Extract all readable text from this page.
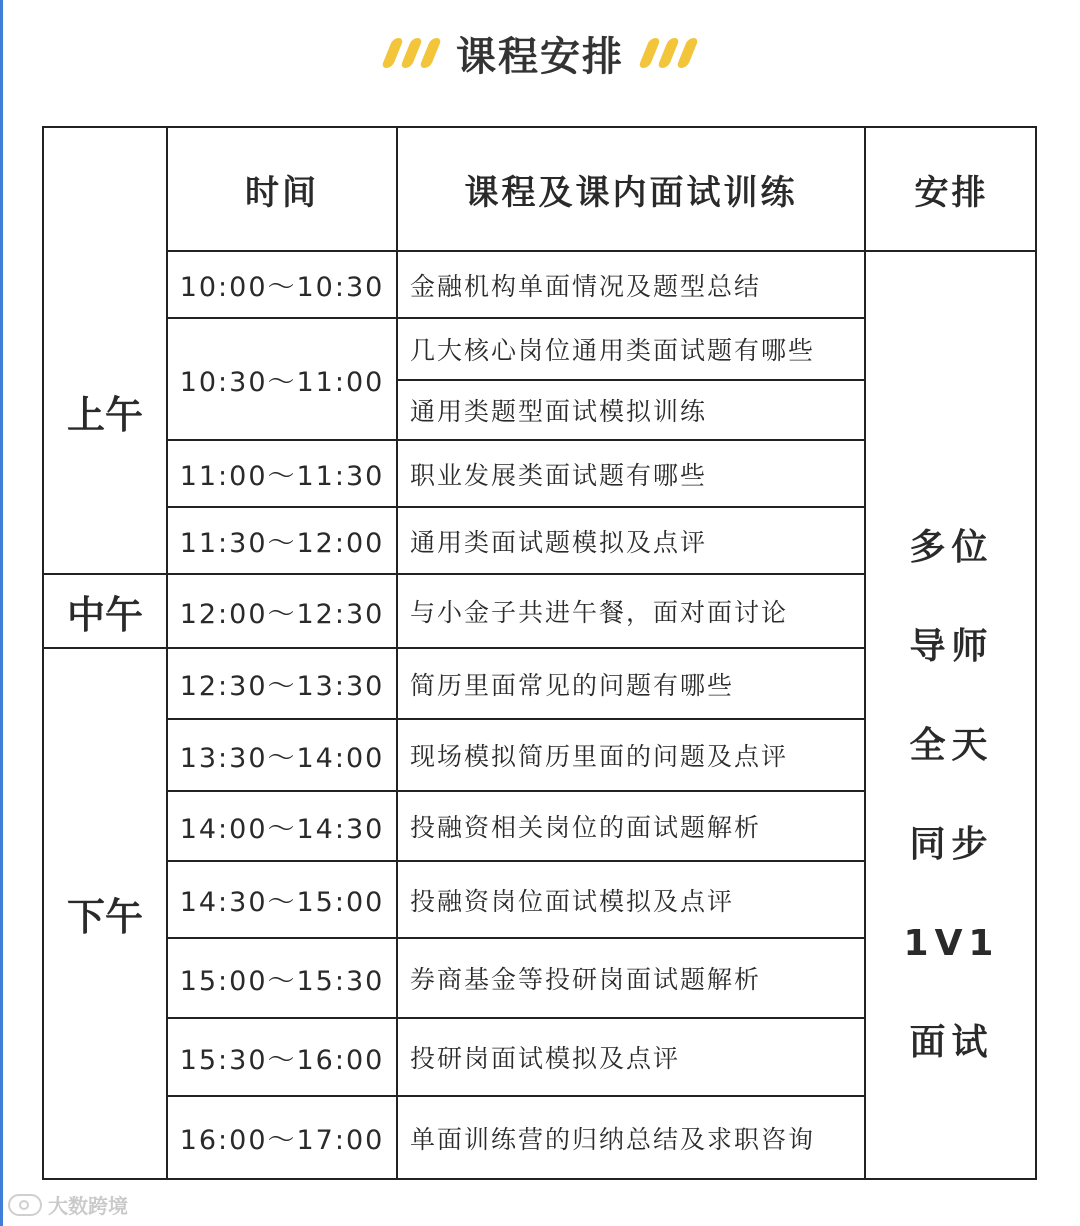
课程安排
时间	课程及课内面试训练	安排
上午
中午
下午
10:00～10:30
10:30～11:00
11:00～11:30
11:30～12:00
12:00～12:30
12:30～13:30
13:30～14:00
14:00～14:30
14:30～15:00
15:00～15:30
15:30～16:00
16:00～17:00
金融机构单面情况及题型总结
几大核心岗位通用类面试题有哪些
通用类题型面试模拟训练
职业发展类面试题有哪些
通用类面试题模拟及点评
与小金子共进午餐，面对面讨论
简历里面常见的问题有哪些
现场模拟简历里面的问题及点评
投融资相关岗位的面试题解析
投融资岗位面试模拟及点评
券商基金等投研岗面试题解析
投研岗面试模拟及点评
单面训练营的归纳总结及求职咨询
多位
导师
全天
同步
1V1
面试
大数跨境
